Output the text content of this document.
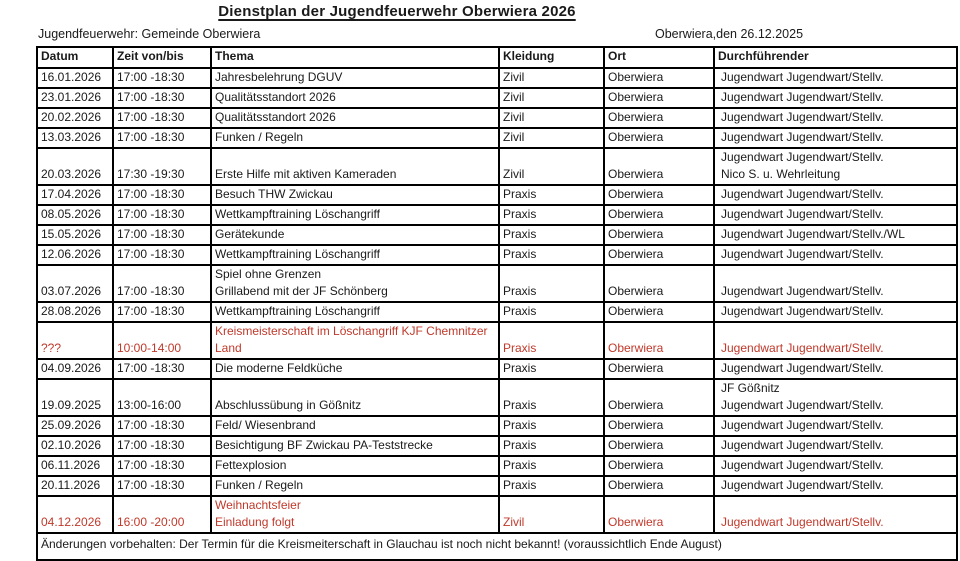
Dienstplan der Jugendfeuerwehr Oberwiera 2026
Jugendfeuerwehr: Gemeinde Oberwiera	Oberwiera,den 26.12.2025
Datum	Zeit von/bis	Thema	Kleidung	Ort	Durchführender
16.01.2026	17:00 -18:30	Jahresbelehrung DGUV	Zivil	Oberwiera	Jugendwart Jugendwart/Stellv.

23.01.2026	17:00 -18:30	Qualitätsstandort 2026	Zivil	Oberwiera	Jugendwart Jugendwart/Stellv.

20.02.2026	17:00 -18:30	Qualitätsstandort 2026	Zivil	Oberwiera	Jugendwart Jugendwart/Stellv.

13.03.2026	17:00 -18:30	Funken / Regeln	Zivil	Oberwiera	Jugendwart Jugendwart/Stellv.

20.03.2026	17:30 -19:30	Erste Hilfe mit aktiven Kameraden	Zivil	Oberwiera	Jugendwart Jugendwart/Stellv.
Nico S. u. Wehrleitung

17.04.2026	17:00 -18:30	Besuch THW Zwickau	Praxis	Oberwiera	Jugendwart Jugendwart/Stellv.

08.05.2026	17:00 -18:30	Wettkampftraining Löschangriff	Praxis	Oberwiera	Jugendwart Jugendwart/Stellv.

15.05.2026	17:00 -18:30	Gerätekunde	Praxis	Oberwiera	Jugendwart Jugendwart/Stellv./WL

12.06.2026	17:00 -18:30	Wettkampftraining Löschangriff	Praxis	Oberwiera	Jugendwart Jugendwart/Stellv.

03.07.2026	17:00 -18:30	Spiel ohne Grenzen
Grillabend mit der JF Schönberg	Praxis	Oberwiera	Jugendwart Jugendwart/Stellv.

28.08.2026	17:00 -18:30	Wettkampftraining Löschangriff	Praxis	Oberwiera	Jugendwart Jugendwart/Stellv.

???	10:00-14:00	Kreismeisterschaft im Löschangriff KJF Chemnitzer
Land	Praxis	Oberwiera	Jugendwart Jugendwart/Stellv.

04.09.2026	17:00 -18:30	Die moderne Feldküche	Praxis	Oberwiera	Jugendwart Jugendwart/Stellv.

19.09.2025	13:00-16:00	Abschlussübung in Gößnitz	Praxis	Oberwiera	JF Gößnitz
Jugendwart Jugendwart/Stellv.

25.09.2026	17:00 -18:30	Feld/ Wiesenbrand	Praxis	Oberwiera	Jugendwart Jugendwart/Stellv.

02.10.2026	17:00 -18:30	Besichtigung BF Zwickau PA-Teststrecke	Praxis	Oberwiera	Jugendwart Jugendwart/Stellv.

06.11.2026	17:00 -18:30	Fettexplosion	Praxis	Oberwiera	Jugendwart Jugendwart/Stellv.

20.11.2026	17:00 -18:30	Funken / Regeln	Praxis	Oberwiera	Jugendwart Jugendwart/Stellv.

04.12.2026	16:00 -20:00	Weihnachtsfeier
Einladung folgt	Zivil	Oberwiera	Jugendwart Jugendwart/Stellv.

Änderungen vorbehalten: Der Termin für die Kreismeiterschaft in Glauchau ist noch nicht bekannt! (voraussichtlich Ende August)					
